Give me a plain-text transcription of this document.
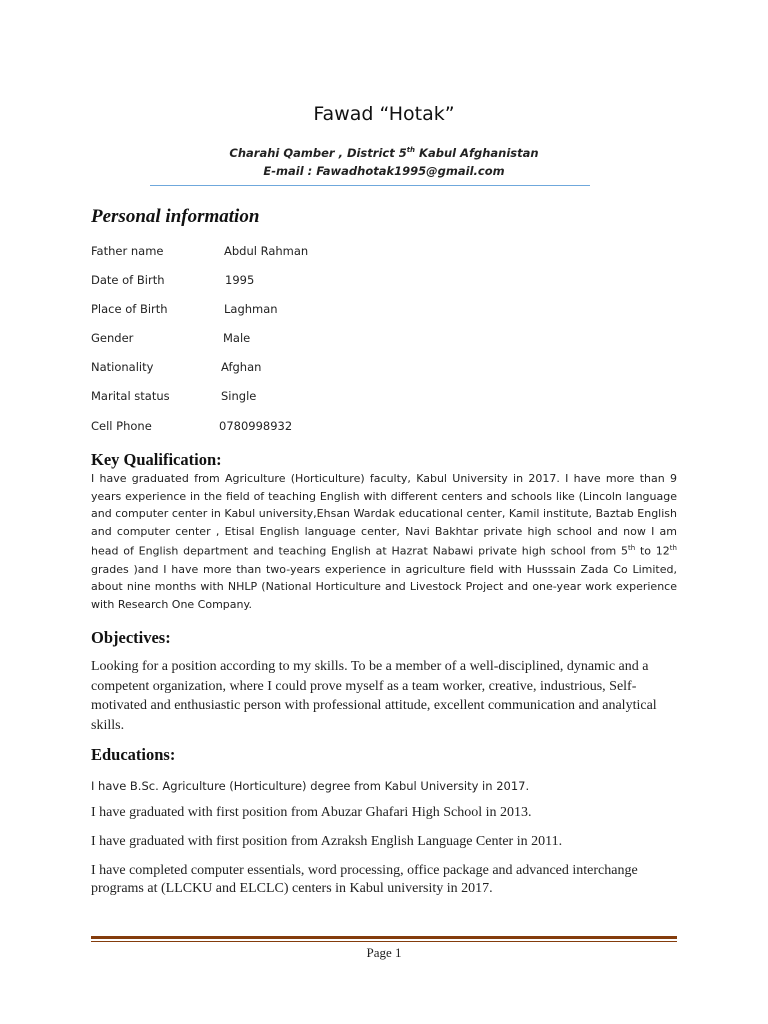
Fawad “Hotak”
Charahi Qamber , District 5th Kabul Afghanistan
E-mail : Fawadhotak1995@gmail.com
Personal information
Father name	Abdul Rahman
Date of Birth	1995
Place of Birth	Laghman
Gender	Male
Nationality	Afghan
Marital status	Single
Cell Phone	0780998932
Key Qualification:
I have graduated from Agriculture (Horticulture) faculty, Kabul University in 2017. I have more than 9 years experience in the field of teaching English with different centers and schools like (Lincoln language and computer center in Kabul university,Ehsan Wardak educational center, Kamil institute, Baztab English and computer center , Etisal English language center, Navi Bakhtar private high school and now I am head of English department and teaching English at Hazrat Nabawi private high school from 5th to 12th grades )and I have more than two-years experience in agriculture field with Husssain Zada Co Limited, about nine months with NHLP (National Horticulture and Livestock Project and one-year work experience with Research One Company.
Objectives:
Looking for a position according to my skills. To be a member of a well-disciplined, dynamic and a competent organization, where I could prove myself as a team worker, creative, industrious, Self-motivated and enthusiastic person with professional attitude, excellent communication and analytical skills.
Educations:
I have B.Sc. Agriculture (Horticulture) degree from Kabul University in 2017.
I have graduated with first position from Abuzar Ghafari High School in 2013.
I have graduated with first position from Azraksh English Language Center in 2011.
I have completed computer essentials, word processing, office package and advanced interchange programs at (LLCKU and ELCLC) centers in Kabul university in 2017.
Page 1
